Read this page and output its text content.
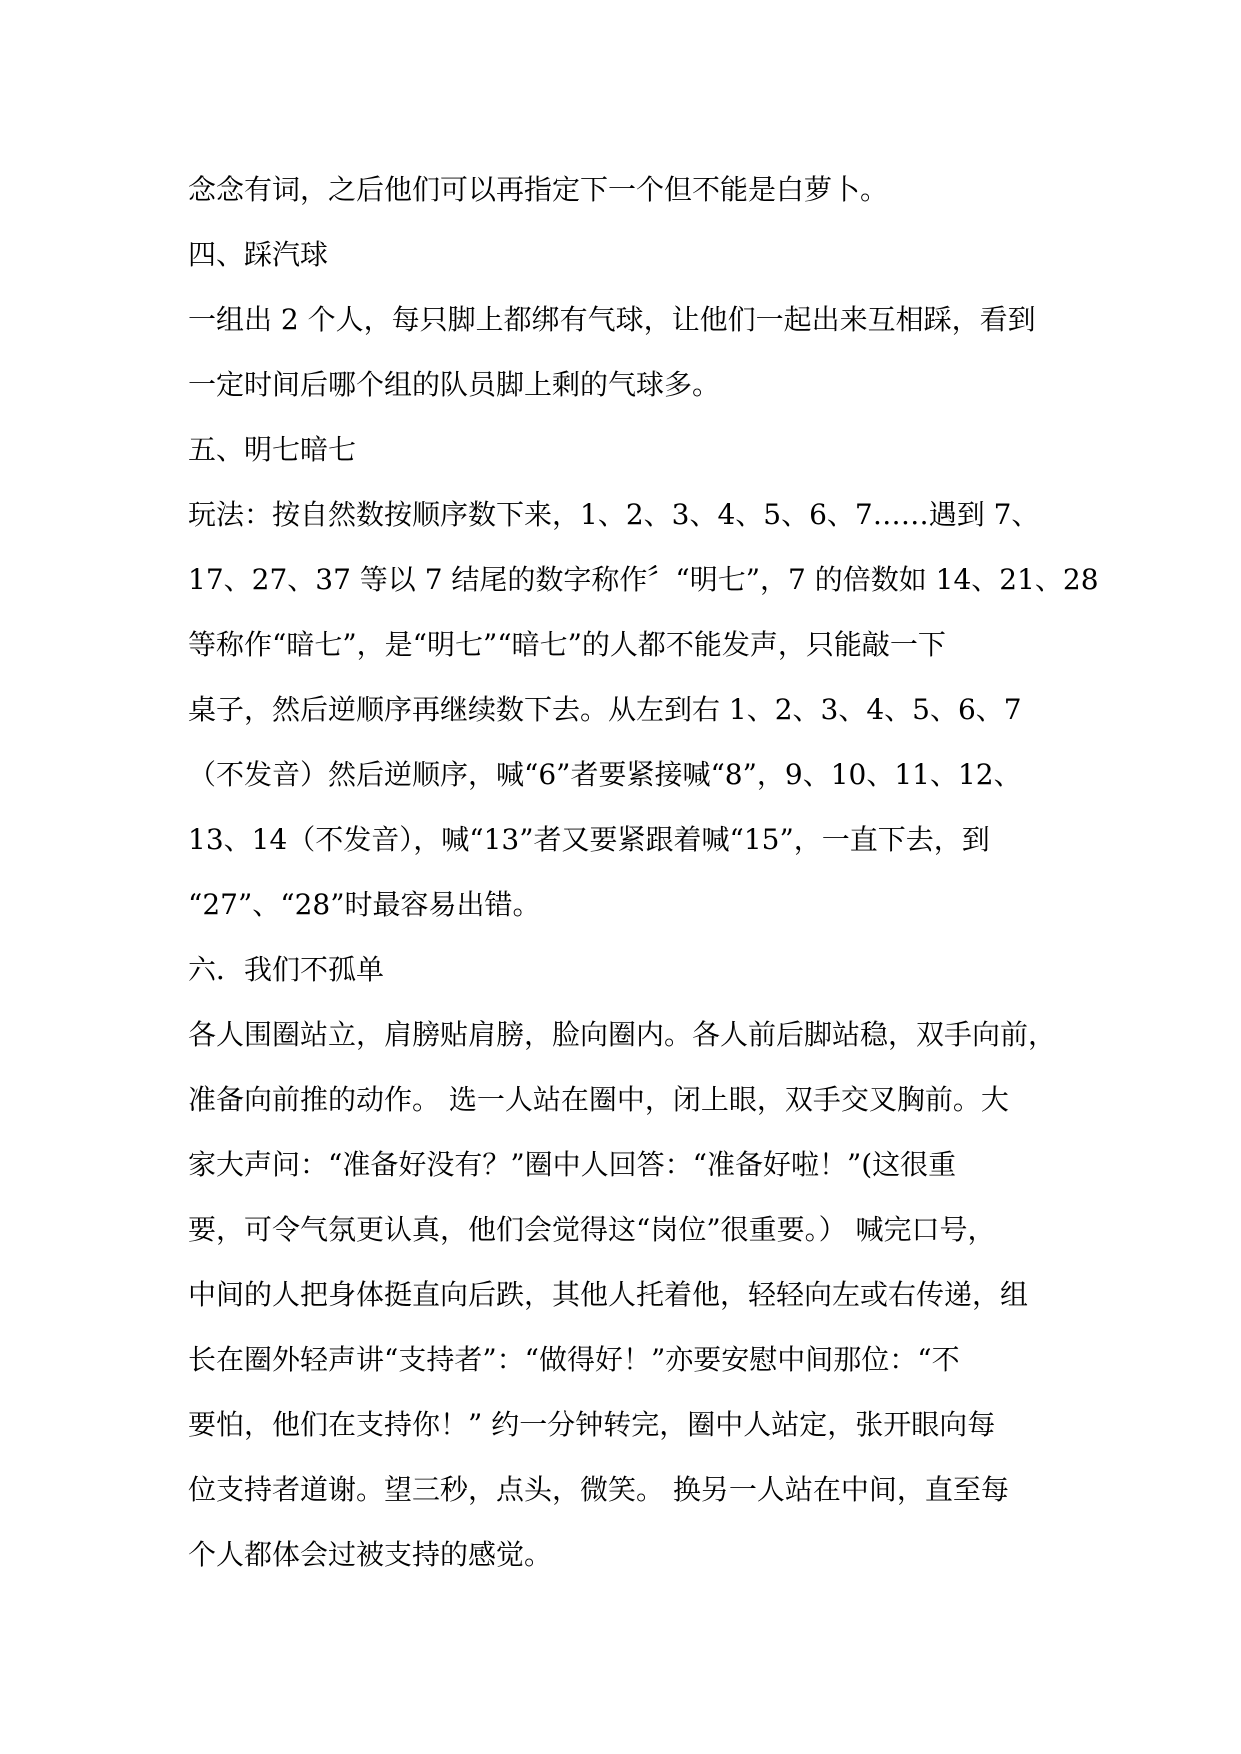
念念有词，之后他们可以再指定下一个但不能是白萝卜。
四、踩汽球
一组出 2 个人，每只脚上都绑有气球，让他们一起出来互相踩，看到
一定时间后哪个组的队员脚上剩的气球多。
五、明七暗七
玩法：按自然数按顺序数下来，1、2、3、4、5、6、7……遇到 7、
17、27、37 等以 7 结尾的数字称作〞“明七”，7 的倍数如 14、21、28
等称作“暗七”，是“明七”“暗七”的人都不能发声，只能敲一下
桌子，然后逆顺序再继续数下去。从左到右 1、2、3、4、5、6、7
（不发音）然后逆顺序，喊“6”者要紧接喊“8”，9、10、11、12、
13、14（不发音），喊“13”者又要紧跟着喊“15”，一直下去，到
“27”、“28”时最容易出错。
六．我们不孤单
各人围圈站立，肩膀贴肩膀，脸向圈内。各人前后脚站稳，双手向前，
准备向前推的动作。 选一人站在圈中，闭上眼，双手交叉胸前。大
家大声问：“准备好没有？”圈中人回答：“准备好啦！”(这很重
要，可令气氛更认真，他们会觉得这“岗位”很重要。） 喊完口号，
中间的人把身体挺直向后跌，其他人托着他，轻轻向左或右传递，组
长在圈外轻声讲“支持者”：“做得好！”亦要安慰中间那位：“不
要怕，他们在支持你！” 约一分钟转完，圈中人站定，张开眼向每
位支持者道谢。望三秒，点头，微笑。 换另一人站在中间，直至每
个人都体会过被支持的感觉。
